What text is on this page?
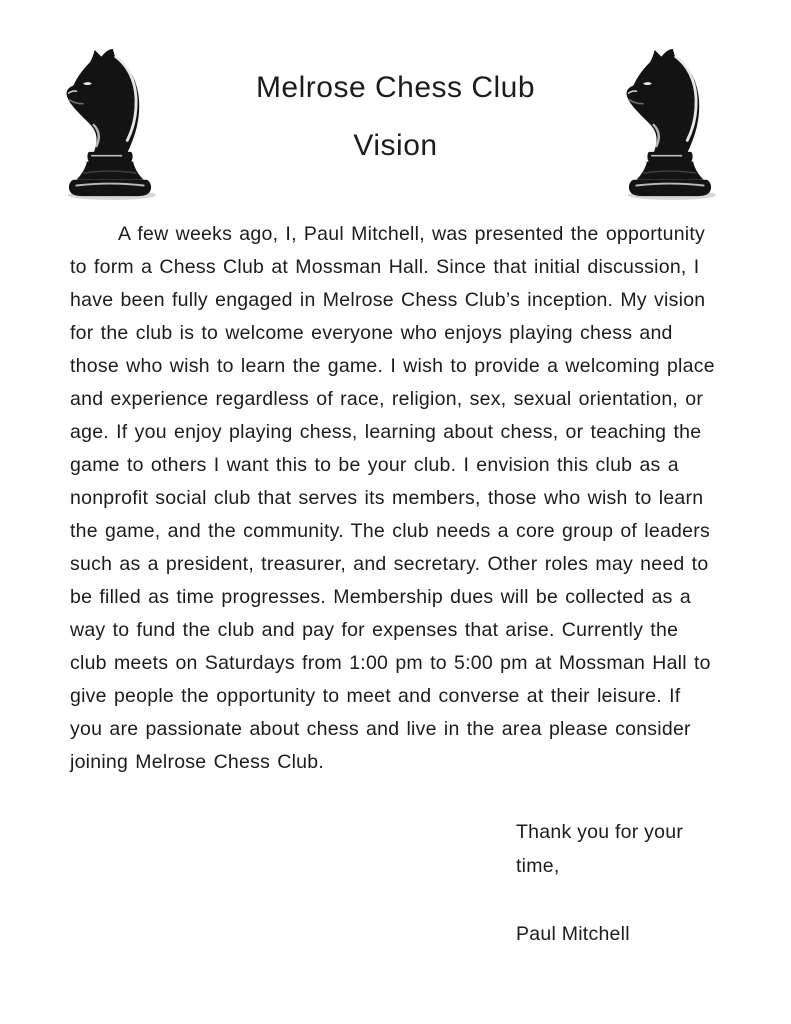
Melrose Chess Club
Vision

A few weeks ago, I, Paul Mitchell, was presented the opportunity to form a Chess Club at Mossman Hall. Since that initial discussion, I have been fully engaged in Melrose Chess Club’s inception. My vision for the club is to welcome everyone who enjoys playing chess and those who wish to learn the game. I wish to provide a welcoming place and experience regardless of race, religion, sex, sexual orientation, or age. If you enjoy playing chess, learning about chess, or teaching the game to others I want this to be your club. I envision this club as a nonprofit social club that serves its members, those who wish to learn the game, and the community. The club needs a core group of leaders such as a president, treasurer, and secretary. Other roles may need to be filled as time progresses. Membership dues will be collected as a way to fund the club and pay for expenses that arise. Currently the club meets on Saturdays from 1:00 pm to 5:00 pm at Mossman Hall to give people the opportunity to meet and converse at their leisure. If you are passionate about chess and live in the area please consider joining Melrose Chess Club.

Thank you for your time,
Paul Mitchell
